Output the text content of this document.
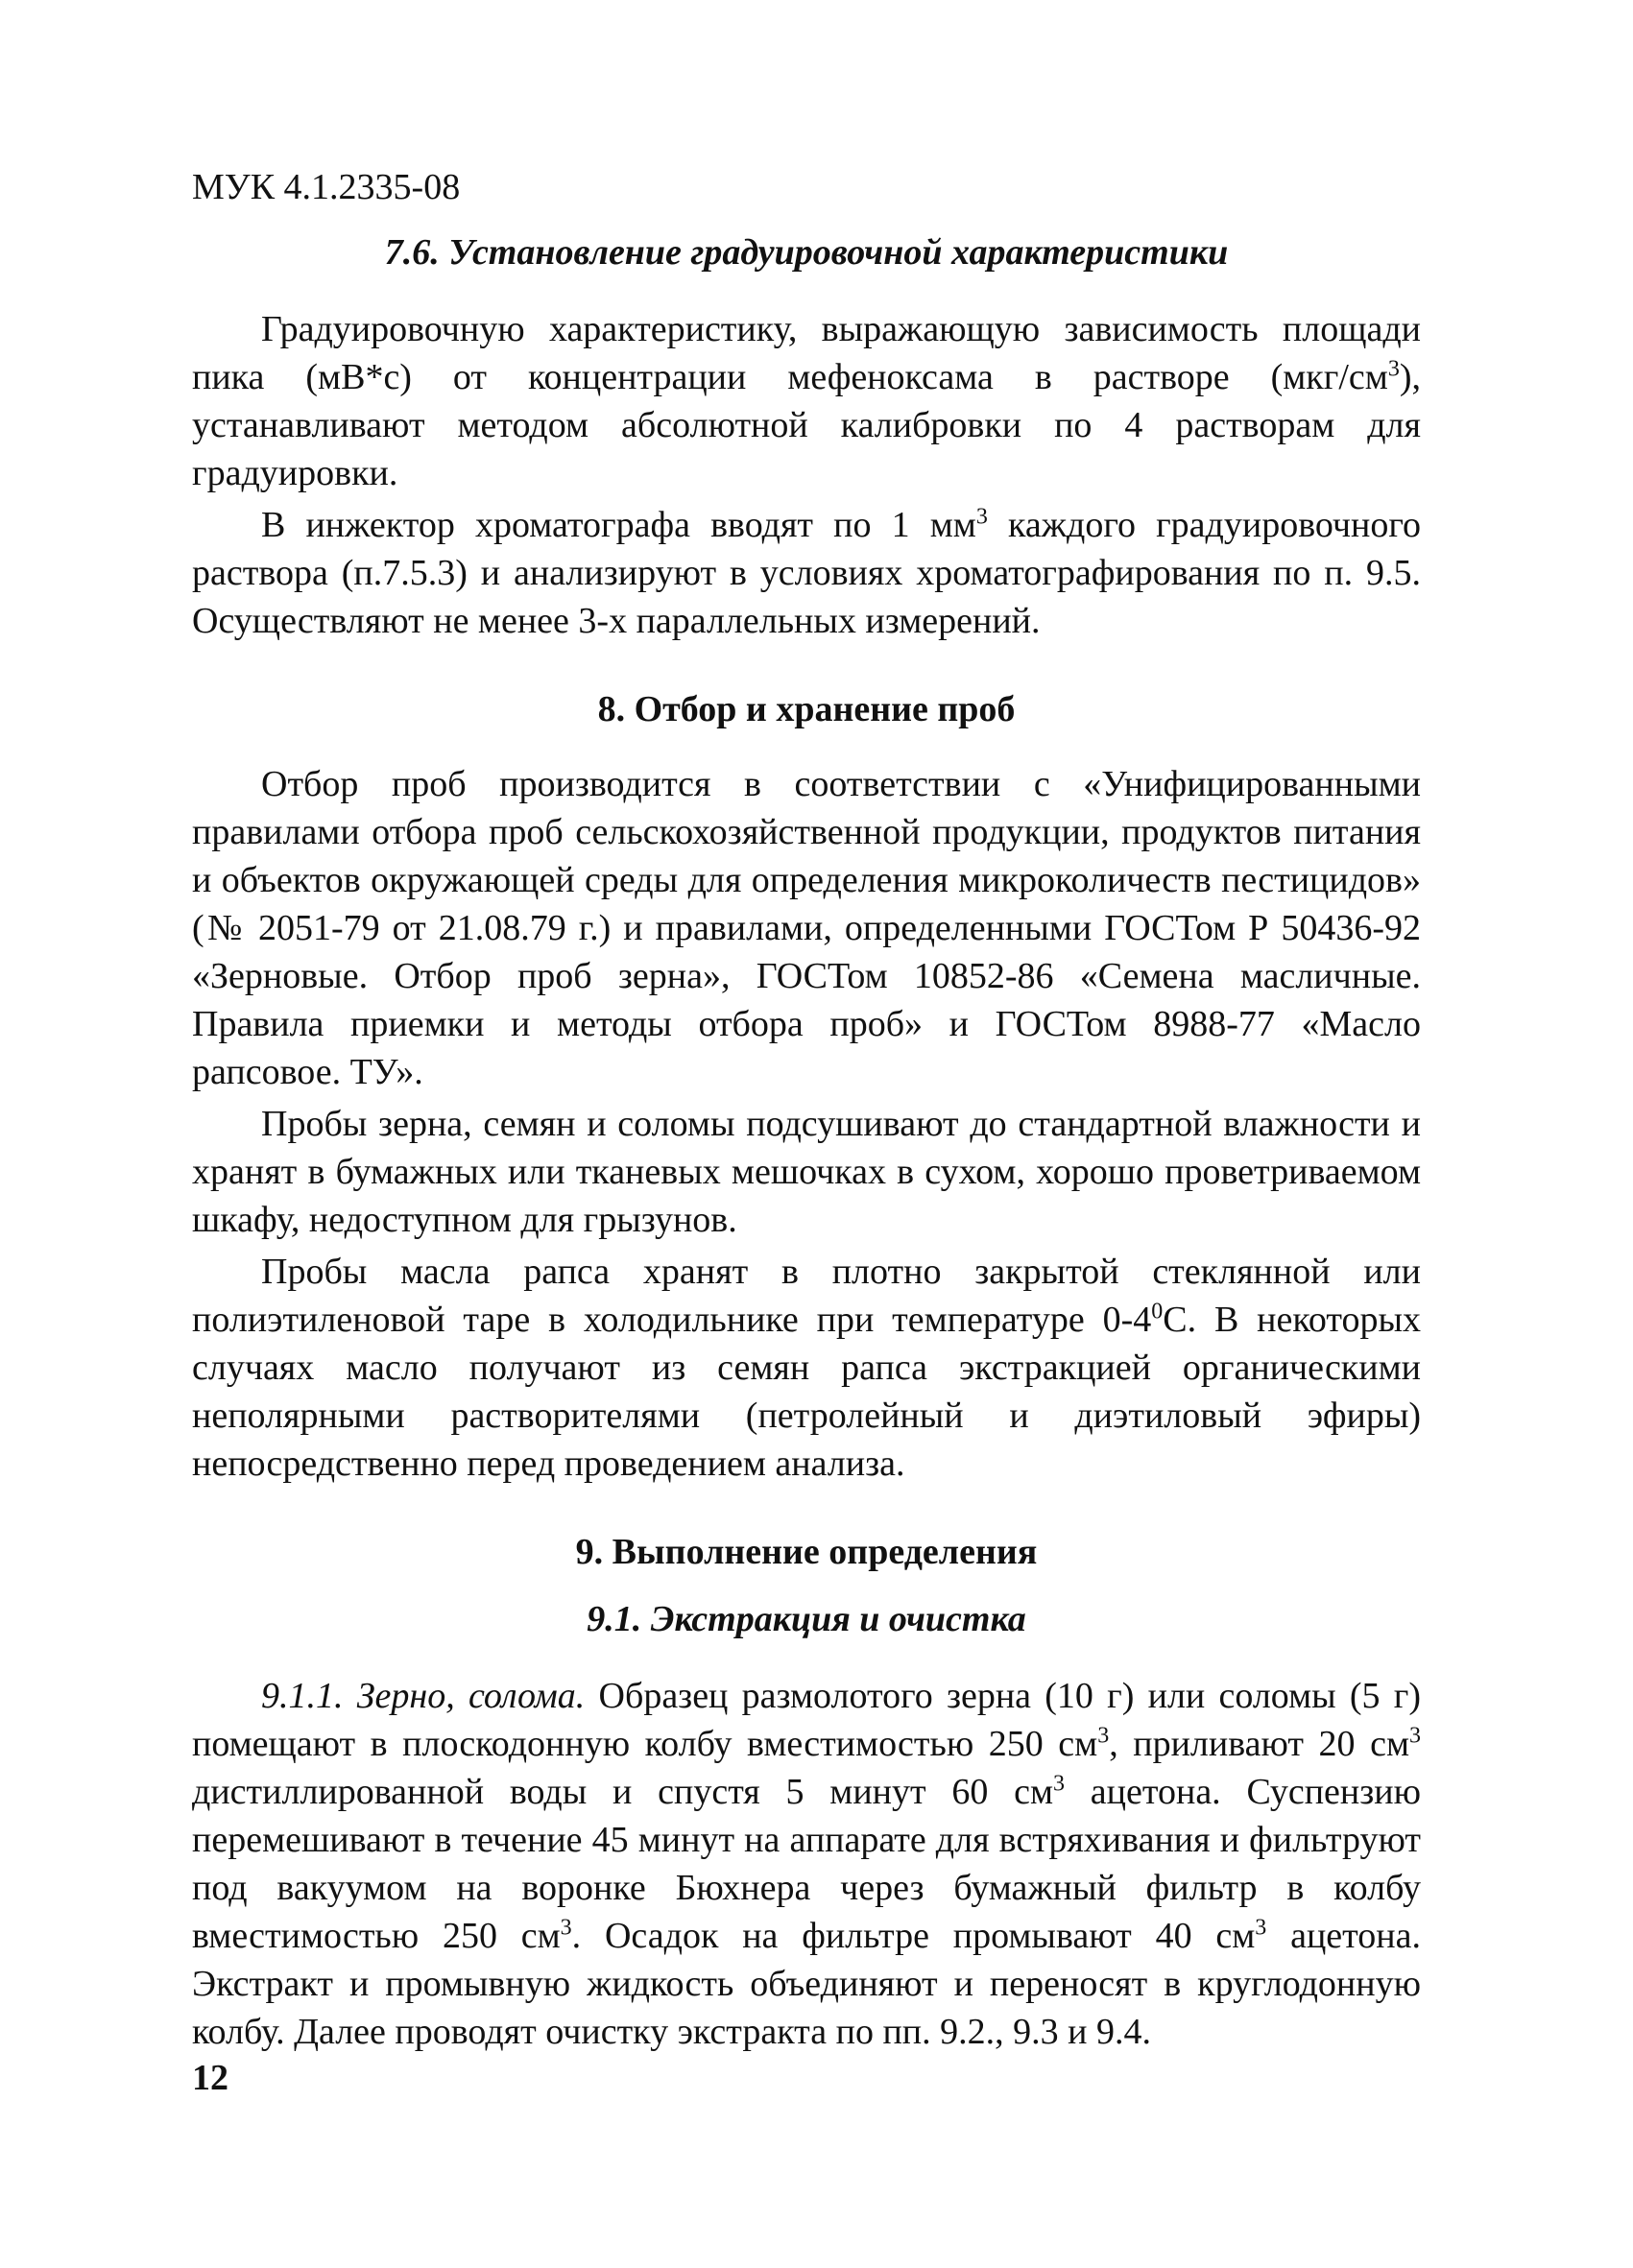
МУК 4.1.2335-08
7.6. Установление градуировочной характеристики

Градуировочную характеристику, выражающую зависимость площади пика (мВ*с) от концентрации мефеноксама в растворе $(мкг/см^3)$, устанавливают методом абсолютной калибровки по 4 растворам для градуировки.

В инжектор хроматографа вводят по 1 $мм^3$ каждого градуировочного раствора (п.7.5.3) и анализируют в условиях хроматографирования по п. 9.5. Осуществляют не менее 3-х параллельных измерений.

8. Отбор и хранение проб

Отбор проб производится в соответствии с «Унифицированными правилами отбора проб сельскохозяйственной продукции, продуктов питания и объектов окружающей среды для определения микроколичеств пестицидов» (№ 2051-79 от 21.08.79 г.) и правилами, определенными ГОСТом Р 50436-92 «Зерновые. Отбор проб зерна», ГОСТом 10852-86 «Семена масличные. Правила приемки и методы отбора проб» и ГОСТом 8988-77 «Масло рапсовое. ТУ».

Пробы зерна, семян и соломы подсушивают до стандартной влажности и хранят в бумажных или тканевых мешочках в сухом, хорошо проветриваемом шкафу, недоступном для грызунов.

Пробы масла рапса хранят в плотно закрытой стеклянной или полиэтиленовой таре в холодильнике при температуре $0-4^0С$. В некоторых случаях масло получают из семян рапса экстракцией органическими неполярными растворителями (петролейный и диэтиловый эфиры) непосредственно перед проведением анализа.

9. Выполнение определения
9.1. Экстракция и очистка

9.1.1. Зерно, солома. Образец размолотого зерна (10 г) или соломы (5 г) помещают в плоскодонную колбу вместимостью 250 $см^3$, приливают 20 $см^3$ дистиллированной воды и спустя 5 минут 60 $см^3$ ацетона. Суспензию перемешивают в течение 45 минут на аппарате для встряхивания и фильтруют под вакуумом на воронке Бюхнера через бумажный фильтр в колбу вместимостью 250 $см^3$. Осадок на фильтре промывают 40 $см^3$ ацетона. Экстракт и промывную жидкость объединяют и переносят в круглодонную колбу. Далее проводят очистку экстракта по пп. 9.2., 9.3 и 9.4.

12
